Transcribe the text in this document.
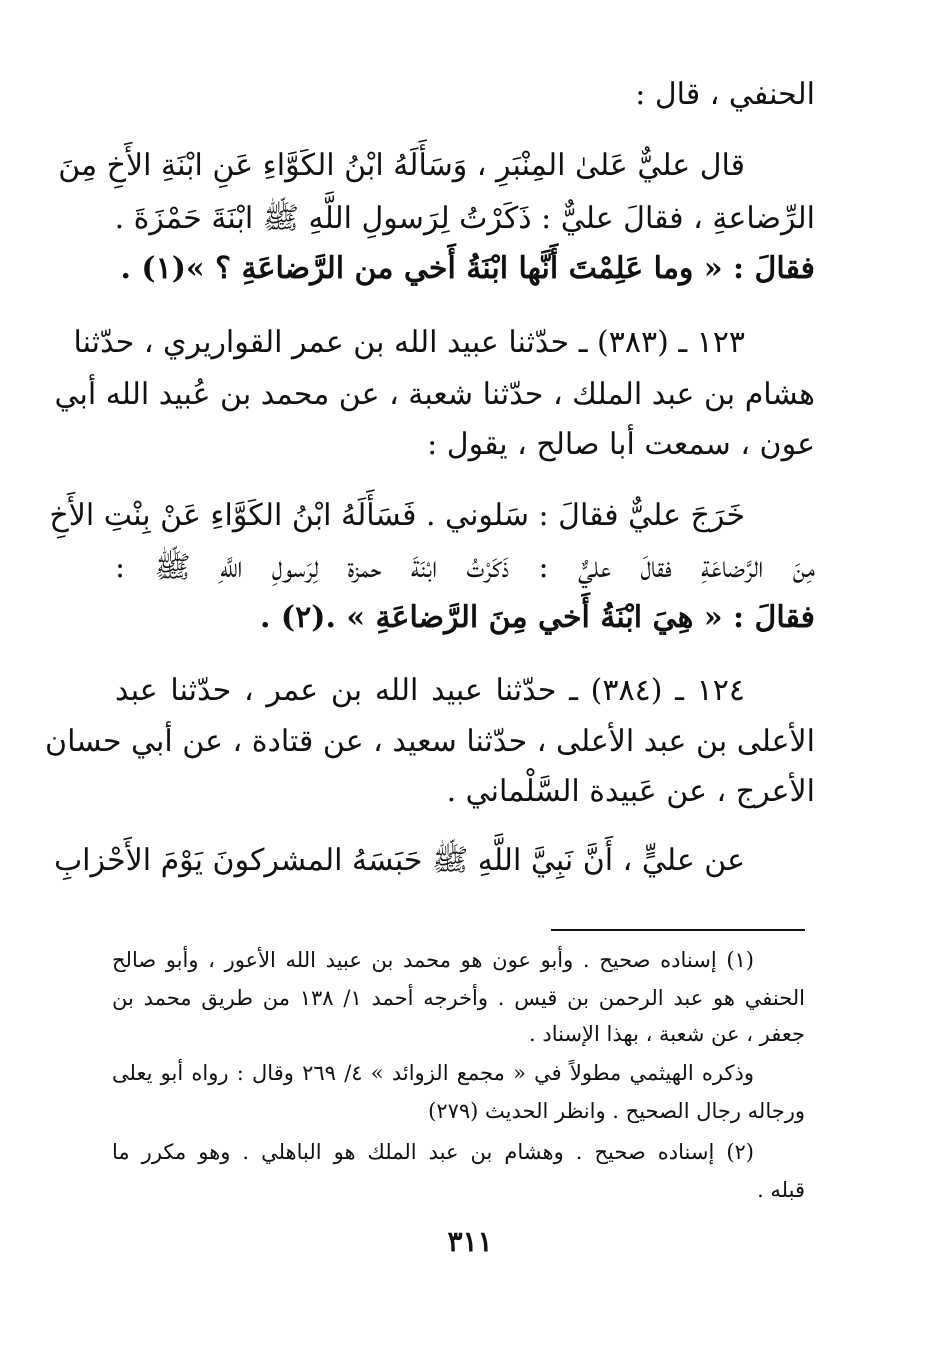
الحنفي ، قال :
قال عليٌّ عَلىٰ المِنْبَرِ ، وَسَأَلَهُ ابْنُ الكَوَّاءِ عَنِ ابْنَةِ الأَخِ مِنَ
الرِّضاعةِ ، فقالَ عليٌّ : ذَكَرْتُ لِرَسولِ اللَّهِ ﷺ ابْنَةَ حَمْزَةَ .
فقالَ : « وما عَلِمْتَ أَنَّها ابْنَةُ أَخي من الرَّضاعَةِ ؟ »(١) .
١٢٣ ـ (٣٨٣) ـ حدّثنا عبيد الله بن عمر القواريري ، حدّثنا
هشام بن عبد الملك ، حدّثنا شعبة ، عن محمد بن عُبيد الله أبي
عون ، سمعت أبا صالح ، يقول :
خَرَجَ عليٌّ فقالَ : سَلوني . فَسَأَلَهُ ابْنُ الكَوَّاءِ عَنْ بِنْتِ الأَخِ
مِنَ الرَّضاعَةِ فقالَ عليٌّ : ذَكَرْتُ ابْنَةَ حمزة لِرَسولِ اللَّهِ ﷺ :
فقالَ : « هِيَ ابْنَةُ أَخي مِنَ الرَّضاعَةِ » .(٢) .
١٢٤ ـ (٣٨٤) ـ حدّثنا عبيد الله بن عمر ، حدّثنا عبد
الأعلى بن عبد الأعلى ، حدّثنا سعيد ، عن قتادة ، عن أبي حسان
الأعرج ، عن عَبيدة السَّلْماني .
عن عليٍّ ، أَنَّ نَبِيَّ اللَّهِ ﷺ حَبَسَهُ المشركونَ يَوْمَ الأَحْزابِ
(١) إسناده صحيح . وأبو عون هو محمد بن عبيد الله الأعور ، وأبو صالح
الحنفي هو عبد الرحمن بن قيس . وأخرجه أحمد ١/ ١٣٨ من طريق محمد بن
جعفر ، عن شعبة ، بهذا الإسناد .
وذكره الهيثمي مطولاً في « مجمع الزوائد » ٤/ ٢٦٩ وقال : رواه أبو يعلى
ورجاله رجال الصحيح . وانظر الحديث (٢٧٩)
(٢) إسناده صحيح . وهشام بن عبد الملك هو الباهلي . وهو مكرر ما
قبله .
٣١١
